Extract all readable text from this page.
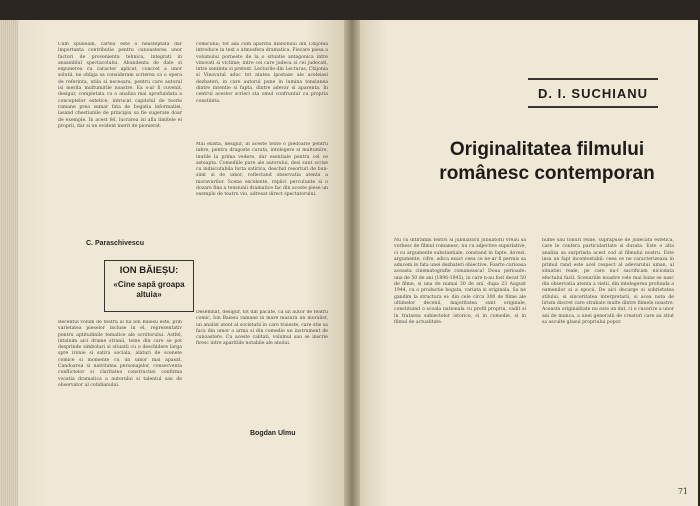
Cum spuneam, cartea este o neasteptata dar importanta contributie pentru cunoasterea unor factori de provenienta tehnica, integrati in ansamblul spectacolului. Abundenta de date si expunerea cu caracter aplicat, concret a unor solutii, ne obliga sa consideram scrierea ca o opera de referinta, utila si necesara, pentru care autorul isi merita multumirile noastre. Ea s-ar fi cuvenit, desigur, completata cu o analiza mai aprofundata a conceptelor estetice, intrucat capitolul de teorie ramane prea sumar fata de bogatia informatiei, lasand chestiunile de principiu sa fie sugerate doar de exemple. In acest fel, lucrarea isi afla limitele ei proprii, dar si un evident merit de pionierat.

comicului; tot asa cum aparitia diabolului din Chijonia introduce in text o atmosfera dramatica. Fiecare piesa a volumului porneste de la o situatie antagonica intre vinovati si victime; intre cei care judeca si cei judecati, intre sentinta si pretext. Lecturile din Lecturas, Chijonia si Vinovatul aduc tot atatea ipostaze ale aceleiasi dezbateri, in care autorul pune in lumina tensiunea dintre intentie si fapta, dintre adevar si aparenta. In centrul acestor scrieri sta omul confruntat cu propria constiinta.

Mai exista, desigur, in aceste texte o pledoarie pentru inbre, pentru dragoste curata, intelegere si multumire, inutile la prima vedere, dar esentiale pentru cel ce asteapta. Comediile pure ale autorului, desi sunt scrise cu indiscutabila forta satirica, deschid resorturi de bun-simt si de umor, reflectand observatia atenta a moravurilor. Scene excelente, replici percutante si o dozare fina a tensiunii dramatice fac din aceste piese un exemplu de teatru viu, adresat direct spectatorului.

C. Paraschivescu

ION BĂIEȘU:

«Cine sapă groapa altuia»

Recentul volum de teatru al lui Ion Baiesu este, prin varietatea pieselor incluse in el, reprezentativ pentru aptitudinile tematice ale scriitorului. Astfel, intalnim aici drame stranii, teme din care se pot desprinde simboluri si situatii cu o deschidere larga spre ironie si satira sociala, alaturi de scenete comice si momente cu un umor mai apasat. Candoarea si naivitatea personajelor, consecventa conflictelor si claritatea constructiei confirma vocatia dramatica a autorului si talentul sau de observator al cotidianului.

Desemnat, desigur, tot din pacate, ca un autor de teatru comic, Ion Baiesu ramane in mare masura un moralist, un analist atent al societatii in care traieste, care stie sa faca din umor o arma si din comedie un instrument de cunoastere. Cu aceste calitati, volumul sau se inscrie firesc intre aparitiile notabile ale anului.

Bogdan Ulmu
D. I. SUCHIANU
Originalitatea filmului românesc contemporan

Nu cu ditirambi festivi si jubiliatorii jubilatorii vreau sa vorbesc de filmul romanesc, nu cu adjective superlative, ci cu argumente substantiale, constand in fapte, dovezi, argumente, cifre, adica exact ceea ce ne-ar fi permis sa aducem in fata unei dezbateri obiective. Foarte curioasa aceasta cinematografie romaneasca! Doua perioade: una de 50 de ani (1896-1945), in care n-au fost decat 50 de filme, si una de numai 30 de ani, dupa 23 August 1944, cu o productie bogata, variata si originala. Sa ne gandim la structura ei: din cele circa 300 de filme ale ultimelor decenii, majoritatea sunt originale, constituind o scoala nationala cu profil propriu, vadit si in tratarea subiectelor istorice, si in comedie, si in filmul de actualitate.

nume sau tonuri reale, suprapuse de judecata estetica, care le confera particularitate si durata. Este o alta analiza sa surprinda acest cod al filmului nostru. Este insa un fapt incontestabil: ceea ce ne caracterizeaza in primul rand este acel respect al adevarului uman, al situatiei reale, pe care nu-l sacrificam niciodata efectului facil. Scenariile noastre cele mai bune se nasc din observatia atenta a vietii, din intelegerea profunda a oamenilor si a epocii. De aici decurge si sobrietatea stilului, si sinceritatea interpretarii, si acea nota de lirism discret care strabate multe dintre filmele noastre. Aceasta originalitate nu este un dat, ci o cucerire a unor ani de munca, a unei generatii de creatori care au stiut sa asculte glasul propriului popor.

71
